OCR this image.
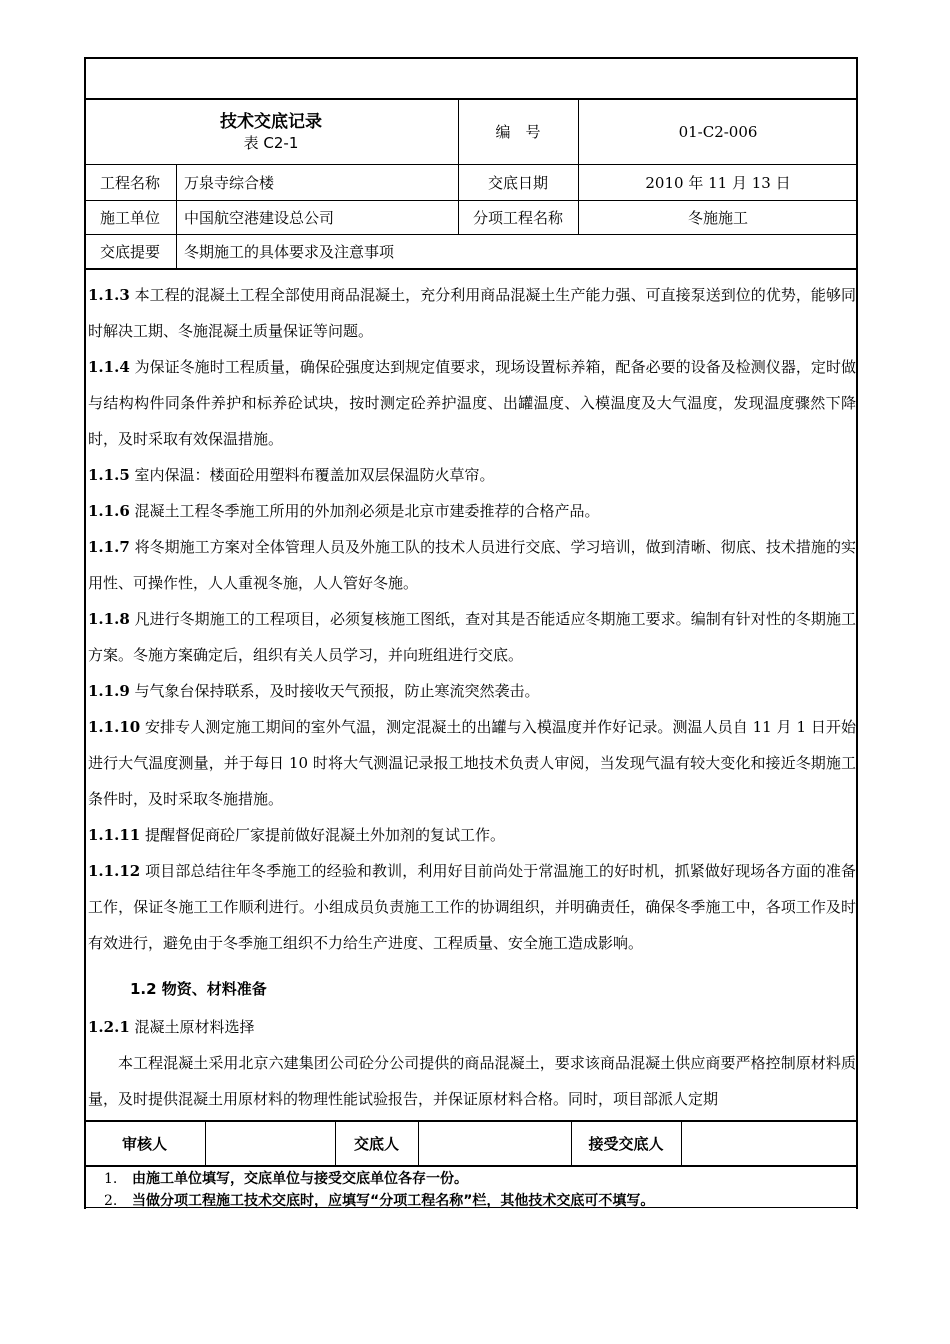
技术交底记录
表 C2-1
编　号	01-C2-006
工程名称	万泉寺综合楼	交底日期	2010 年 11 月 13 日
施工单位	中国航空港建设总公司	分项工程名称	冬施施工
交底提要	冬期施工的具体要求及注意事项
审核人	交底人	接受交底人

1.1.3 本工程的混凝土工程全部使用商品混凝土，充分利用商品混凝土生产能力强、可直接泵送到位的优势，能够同时解决工期、冬施混凝土质量保证等问题。

1.1.4 为保证冬施时工程质量，确保砼强度达到规定值要求，现场设置标养箱，配备必要的设备及检测仪器，定时做与结构构件同条件养护和标养砼试块，按时测定砼养护温度、出罐温度、入模温度及大气温度，发现温度骤然下降时，及时采取有效保温措施。

1.1.5 室内保温：楼面砼用塑料布覆盖加双层保温防火草帘。

1.1.6 混凝土工程冬季施工所用的外加剂必须是北京市建委推荐的合格产品。

1.1.7 将冬期施工方案对全体管理人员及外施工队的技术人员进行交底、学习培训，做到清晰、彻底、技术措施的实用性、可操作性，人人重视冬施，人人管好冬施。

1.1.8 凡进行冬期施工的工程项目，必须复核施工图纸，查对其是否能适应冬期施工要求。编制有针对性的冬期施工方案。冬施方案确定后，组织有关人员学习，并向班组进行交底。

1.1.9 与气象台保持联系，及时接收天气预报，防止寒流突然袭击。

1.1.10 安排专人测定施工期间的室外气温，测定混凝土的出罐与入模温度并作好记录。测温人员自 11 月 1 日开始进行大气温度测量，并于每日 10 时将大气测温记录报工地技术负责人审阅，当发现气温有较大变化和接近冬期施工条件时，及时采取冬施措施。

1.1.11 提醒督促商砼厂家提前做好混凝土外加剂的复试工作。

1.1.12 项目部总结往年冬季施工的经验和教训，利用好目前尚处于常温施工的好时机，抓紧做好现场各方面的准备工作，保证冬施工工作顺利进行。小组成员负责施工工作的协调组织，并明确责任，确保冬季施工中，各项工作及时有效进行，避免由于冬季施工组织不力给生产进度、工程质量、安全施工造成影响。

1.2 物资、材料准备

1.2.1 混凝土原材料选择

本工程混凝土采用北京六建集团公司砼分公司提供的商品混凝土，要求该商品混凝土供应商要严格控制原材料质量，及时提供混凝土用原材料的物理性能试验报告，并保证原材料合格。同时，项目部派人定期

1. 由施工单位填写，交底单位与接受交底单位各存一份。
2. 当做分项工程施工技术交底时，应填写“分项工程名称”栏，其他技术交底可不填写。
